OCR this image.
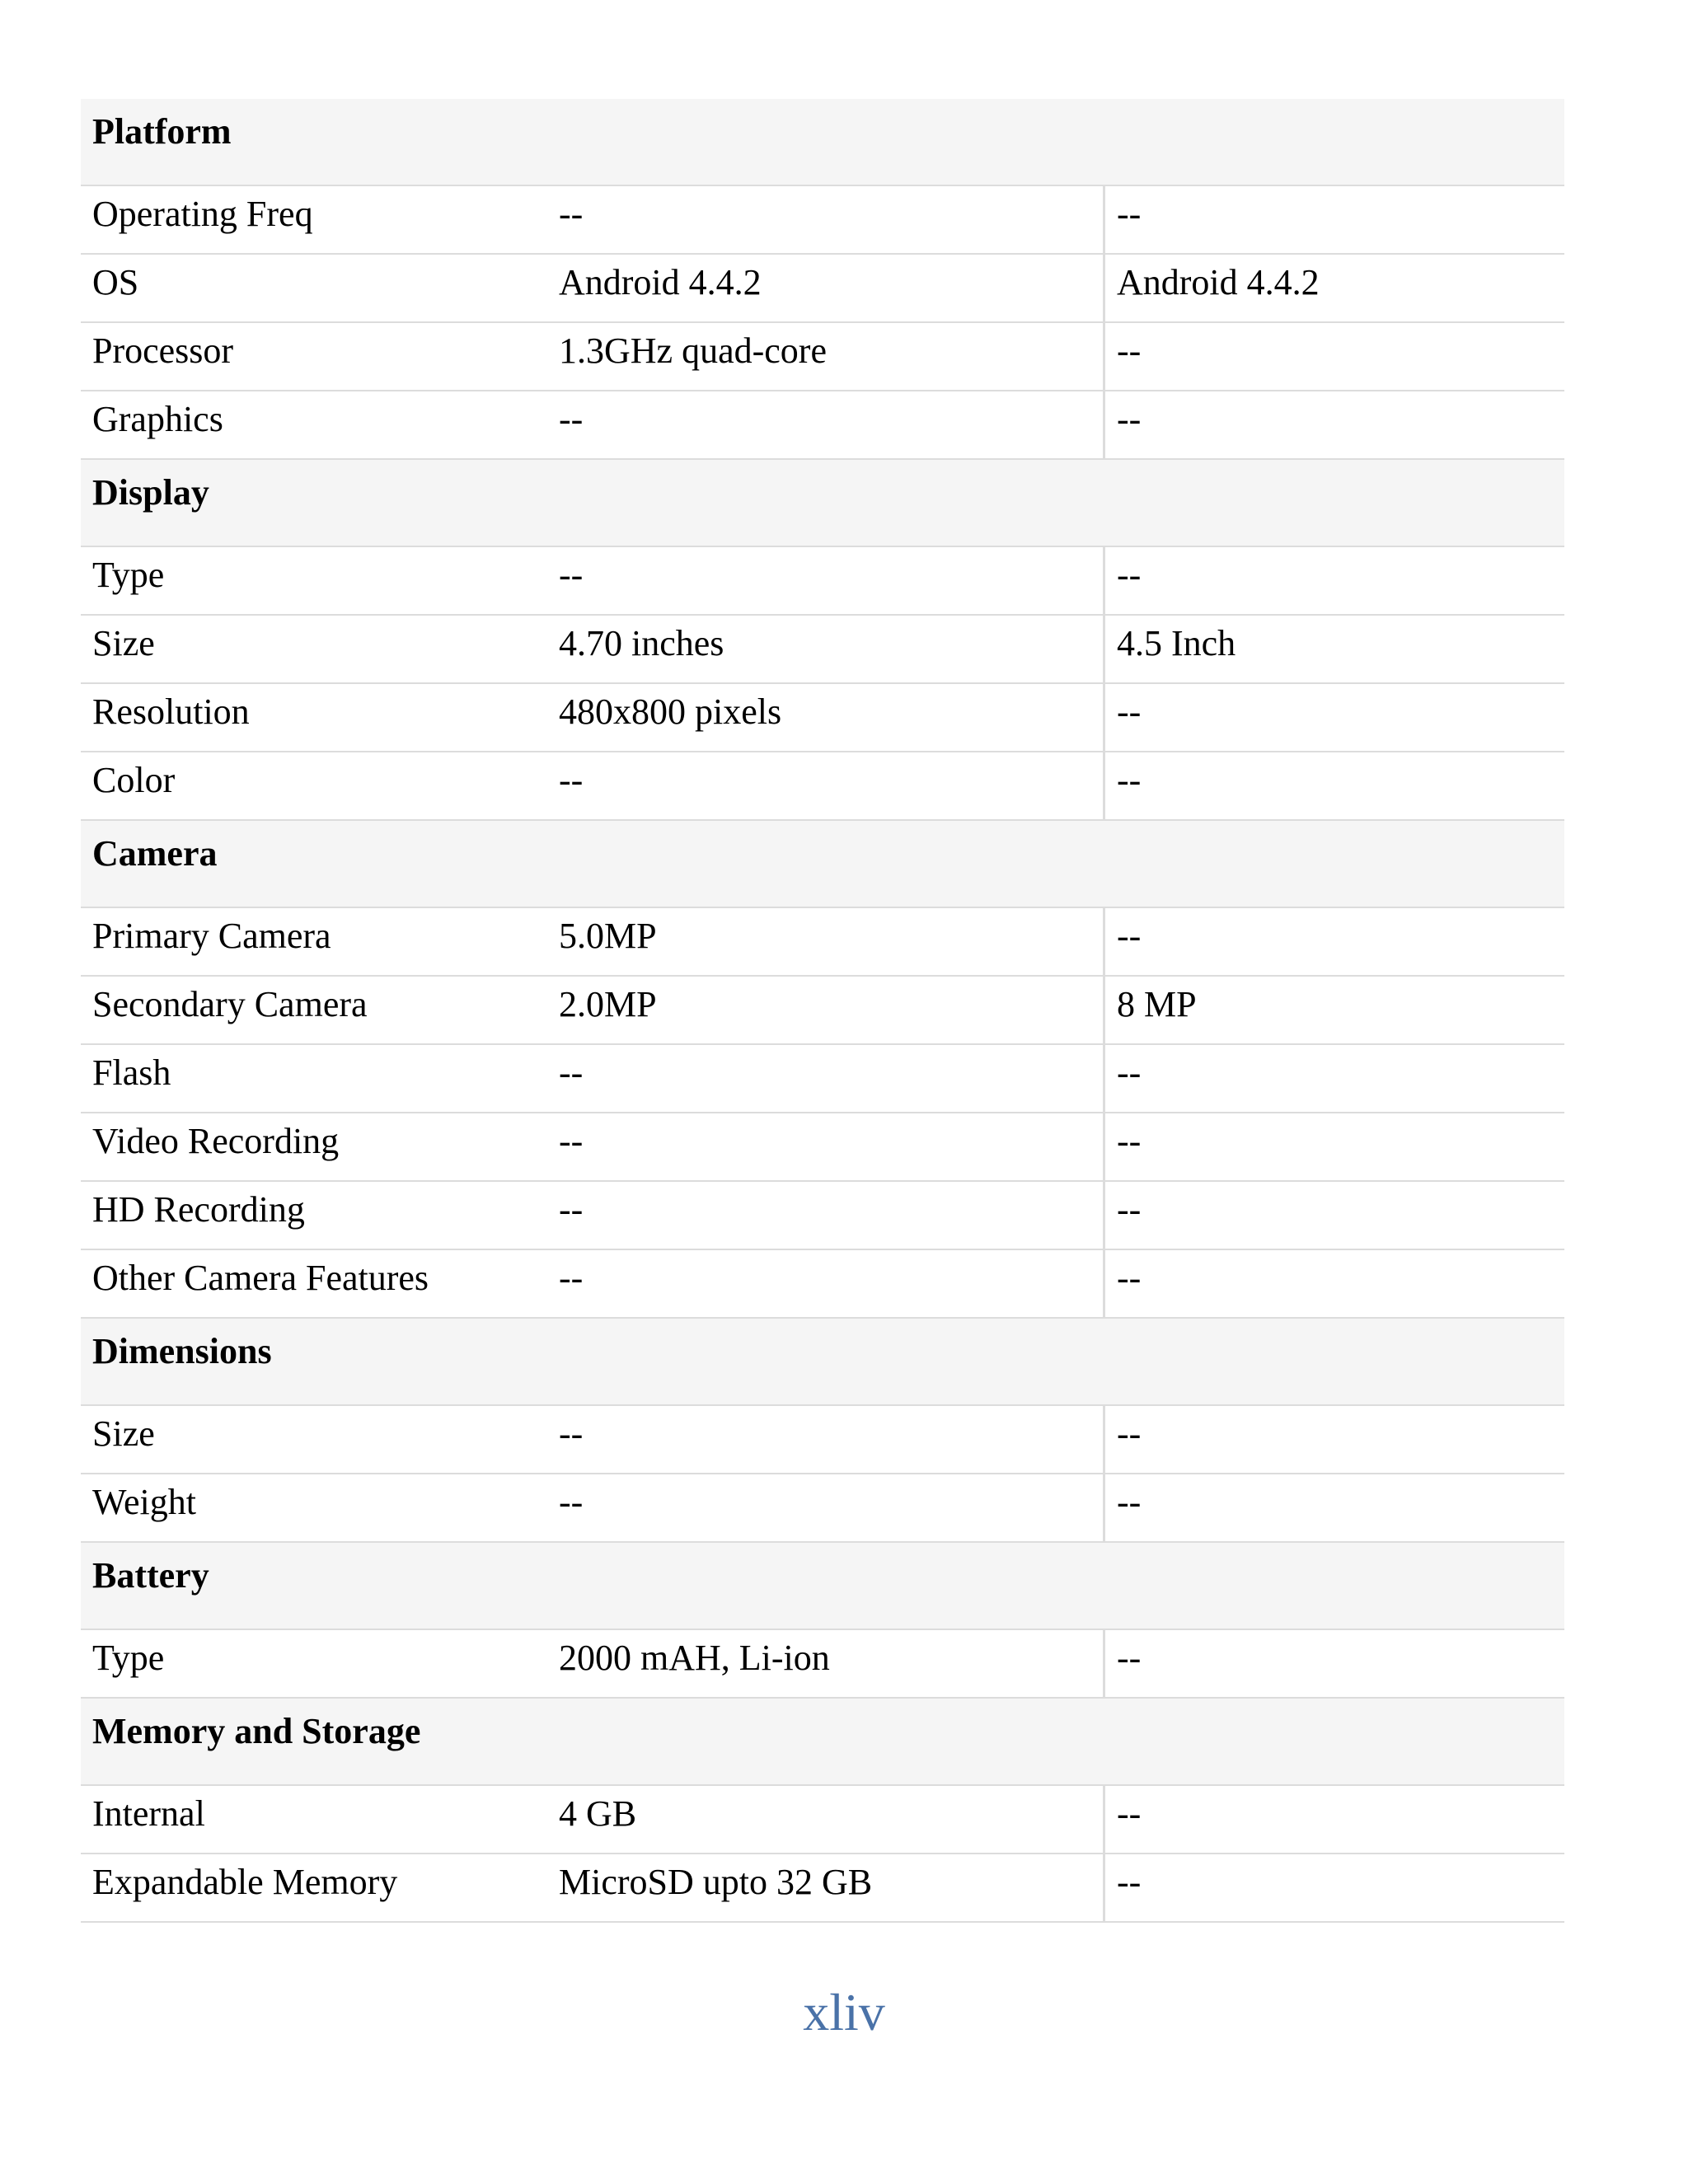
Platform
Operating Freq	--	--
OS	Android 4.4.2	Android 4.4.2
Processor	1.3GHz quad-core	--
Graphics	--	--
Display
Type	--	--
Size	4.70 inches	4.5 Inch
Resolution	480x800 pixels	--
Color	--	--
Camera
Primary Camera	5.0MP	--
Secondary Camera	2.0MP	8 MP
Flash	--	--
Video Recording	--	--
HD Recording	--	--
Other Camera Features	--	--
Dimensions
Size	--	--
Weight	--	--
Battery
Type	2000 mAH, Li-ion	--
Memory and Storage
Internal	4 GB	--
Expandable Memory	MicroSD upto 32 GB	--
xliv
